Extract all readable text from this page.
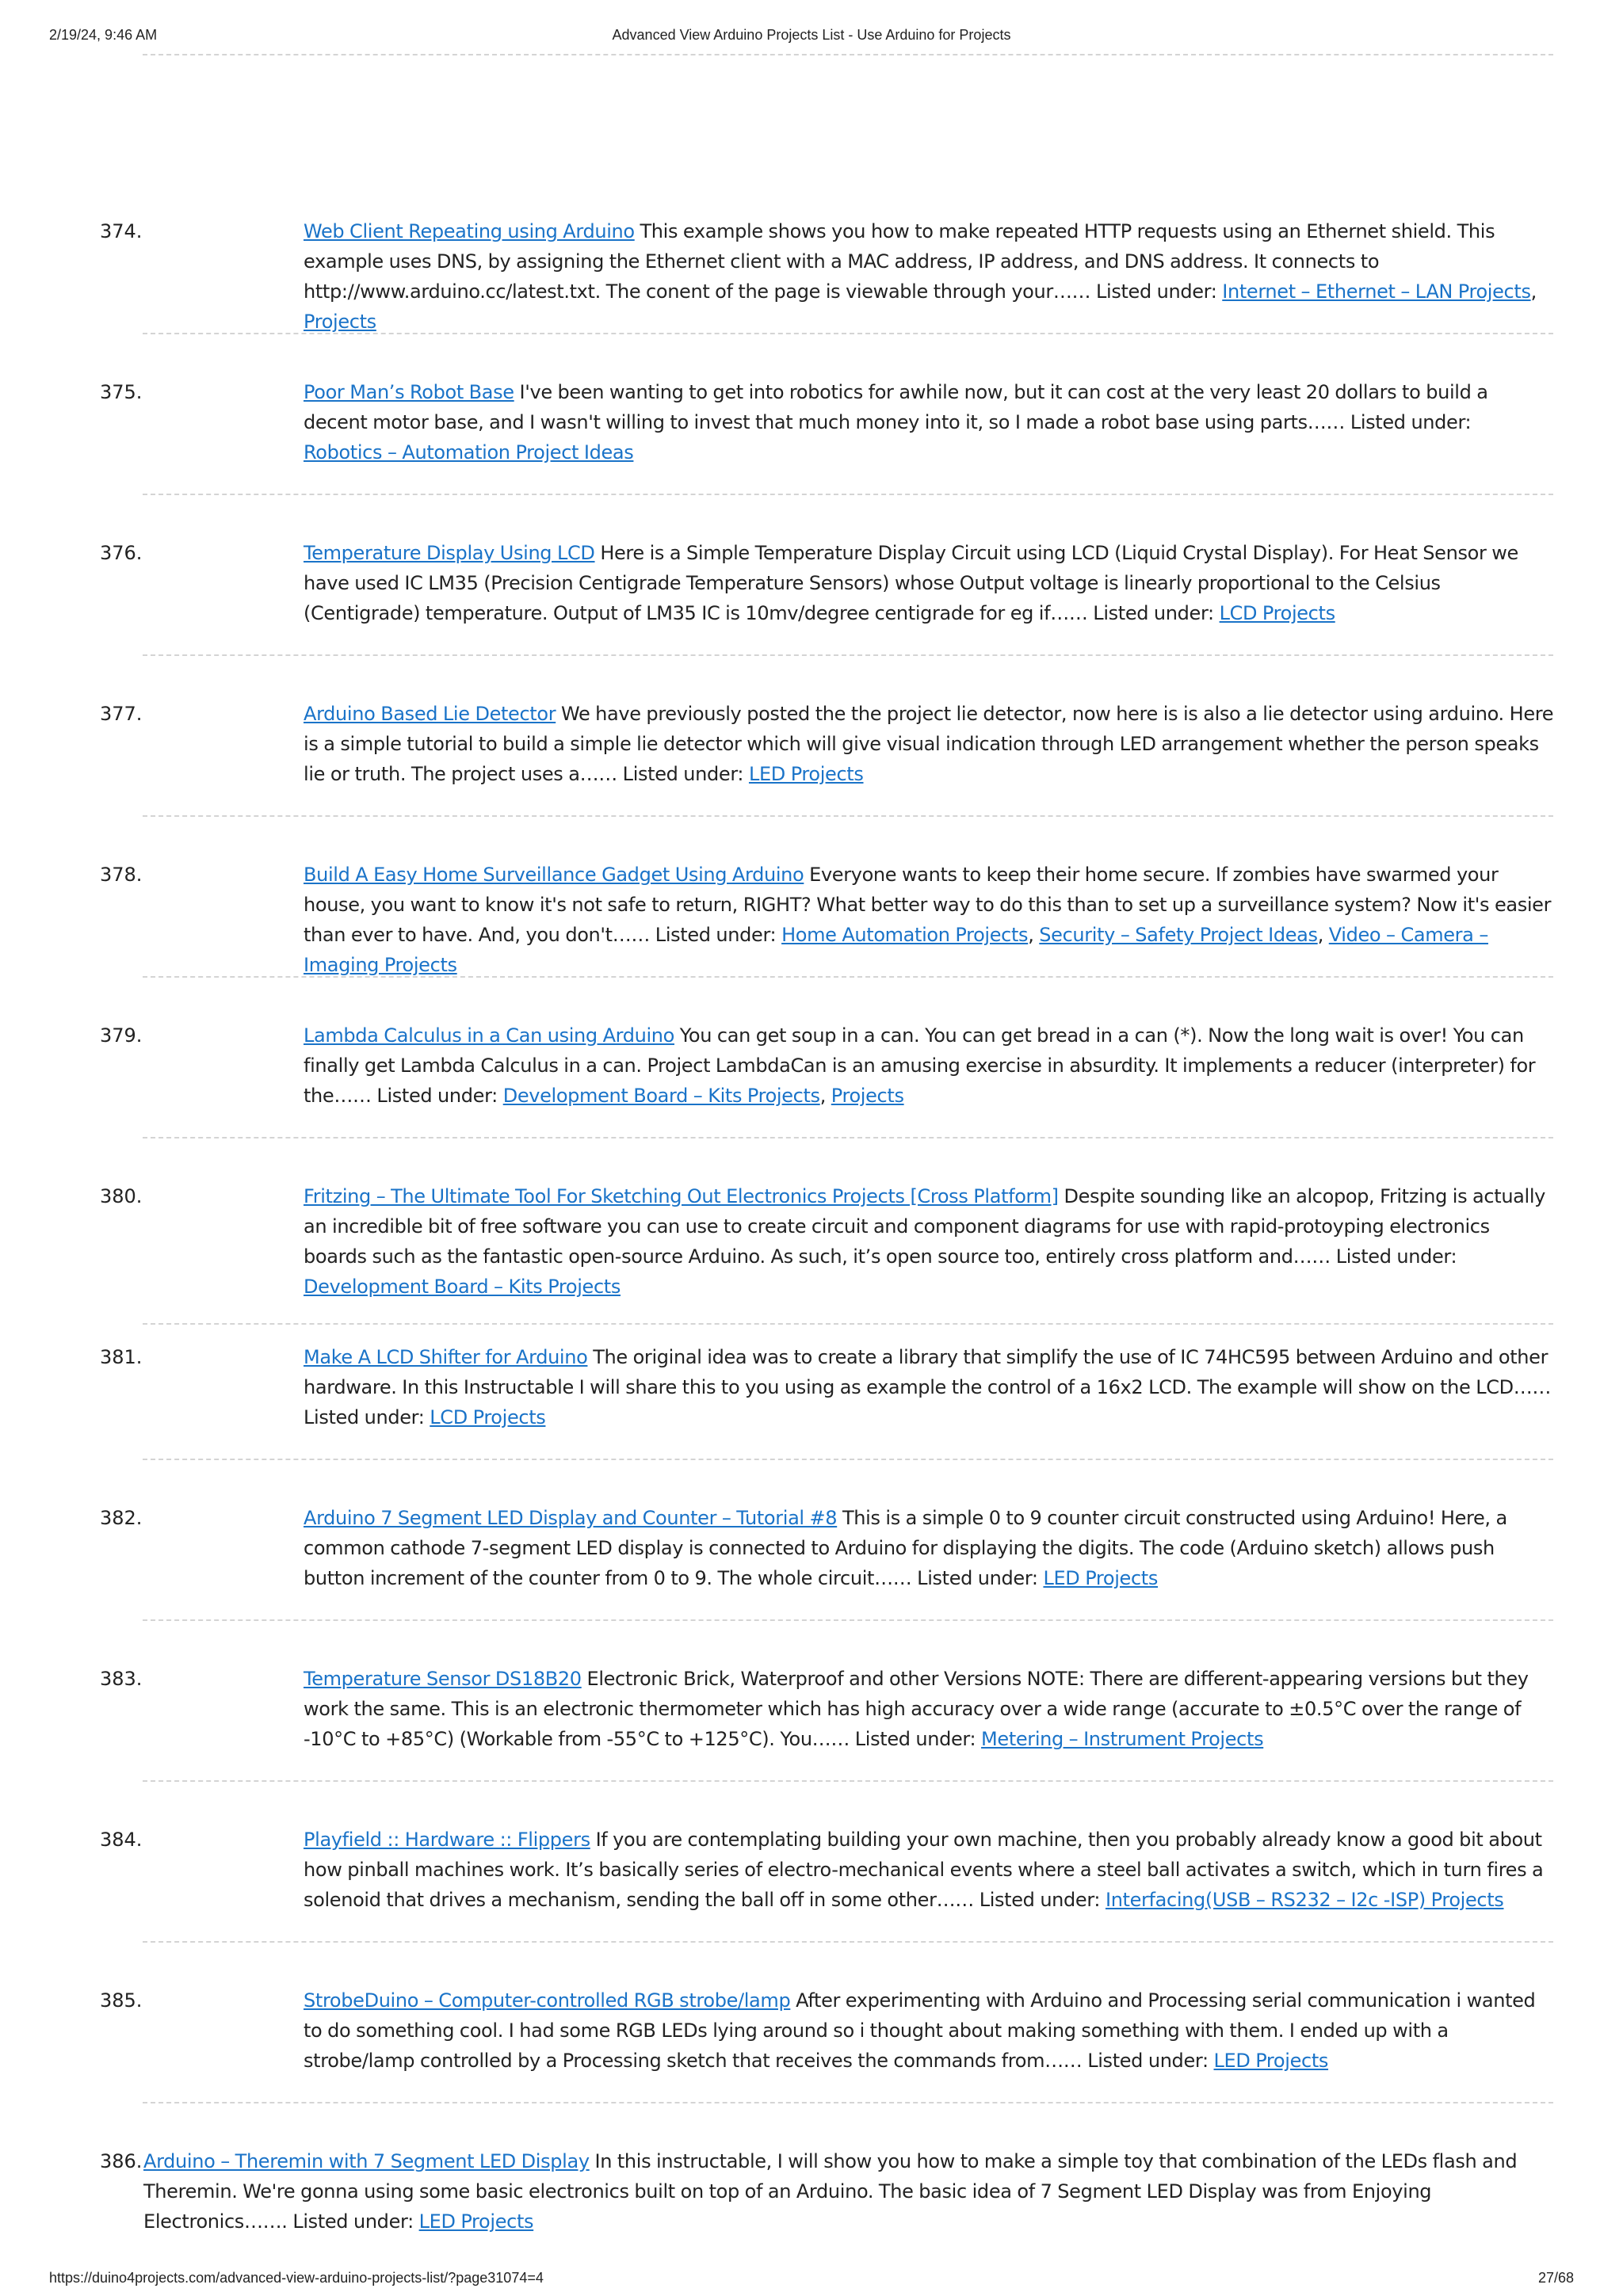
2/19/24, 9:46 AM	Advanced View Arduino Projects List - Use Arduino for Projects
374.	Web Client Repeating using Arduino This example shows you how to make repeated HTTP requests using an Ethernet shield. This example uses DNS, by assigning the Ethernet client with a MAC address, IP address, and DNS address. It connects to http://www.arduino.cc/latest.txt. The conent of the page is viewable through your…… Listed under: Internet – Ethernet – LAN Projects, Projects
375.	Poor Man’s Robot Base I've been wanting to get into robotics for awhile now, but it can cost at the very least 20 dollars to build a decent motor base, and I wasn't willing to invest that much money into it, so I made a robot base using parts…… Listed under: Robotics – Automation Project Ideas
376.	Temperature Display Using LCD Here is a Simple Temperature Display Circuit using LCD (Liquid Crystal Display). For Heat Sensor we have used IC LM35 (Precision Centigrade Temperature Sensors) whose Output voltage is linearly proportional to the Celsius (Centigrade) temperature. Output of LM35 IC is 10mv/degree centigrade for eg if…… Listed under: LCD Projects
377.	Arduino Based Lie Detector We have previously posted the the project lie detector, now here is is also a lie detector using arduino. Here is a simple tutorial to build a simple lie detector which will give visual indication through LED arrangement whether the person speaks lie or truth. The project uses a…… Listed under: LED Projects
378.	Build A Easy Home Surveillance Gadget Using Arduino Everyone wants to keep their home secure. If zombies have swarmed your house, you want to know it's not safe to return, RIGHT? What better way to do this than to set up a surveillance system? Now it's easier than ever to have. And, you don't…… Listed under: Home Automation Projects, Security – Safety Project Ideas, Video – Camera – Imaging Projects
379.	Lambda Calculus in a Can using Arduino You can get soup in a can. You can get bread in a can (*). Now the long wait is over! You can finally get Lambda Calculus in a can. Project LambdaCan is an amusing exercise in absurdity. It implements a reducer (interpreter) for the…… Listed under: Development Board – Kits Projects, Projects
380.	Fritzing – The Ultimate Tool For Sketching Out Electronics Projects [Cross Platform] Despite sounding like an alcopop, Fritzing is actually an incredible bit of free software you can use to create circuit and component diagrams for use with rapid-protoyping electronics boards such as the fantastic open-source Arduino. As such, it’s open source too, entirely cross platform and…… Listed under: Development Board – Kits Projects
381.	Make A LCD Shifter for Arduino The original idea was to create a library that simplify the use of IC 74HC595 between Arduino and other hardware. In this Instructable I will share this to you using as example the control of a 16x2 LCD. The example will show on the LCD…… Listed under: LCD Projects
382.	Arduino 7 Segment LED Display and Counter – Tutorial #8 This is a simple 0 to 9 counter circuit constructed using Arduino! Here, a common cathode 7-segment LED display is connected to Arduino for displaying the digits. The code (Arduino sketch) allows push button increment of the counter from 0 to 9. The whole circuit…… Listed under: LED Projects
383.	Temperature Sensor DS18B20 Electronic Brick, Waterproof and other Versions NOTE: There are different-appearing versions but they work the same. This is an electronic thermometer which has high accuracy over a wide range (accurate to ±0.5°C over the range of -10°C to +85°C) (Workable from -55°C to +125°C). You…… Listed under: Metering – Instrument Projects
384.	Playfield :: Hardware :: Flippers If you are contemplating building your own machine, then you probably already know a good bit about how pinball machines work. It’s basically series of electro-mechanical events where a steel ball activates a switch, which in turn fires a solenoid that drives a mechanism, sending the ball off in some other…… Listed under: Interfacing(USB – RS232 – I2c -ISP) Projects
385.	StrobeDuino – Computer-controlled RGB strobe/lamp After experimenting with Arduino and Processing serial communication i wanted to do something cool. I had some RGB LEDs lying around so i thought about making something with them. I ended up with a strobe/lamp controlled by a Processing sketch that receives the commands from…… Listed under: LED Projects
386. Arduino – Theremin with 7 Segment LED Display In this instructable, I will show you how to make a simple toy that combination of the LEDs flash and Theremin. We're gonna using some basic electronics built on top of an Arduino. The basic idea of 7 Segment LED Display was from Enjoying Electronics……. Listed under: LED Projects
https://duino4projects.com/advanced-view-arduino-projects-list/?page31074=4	27/68
